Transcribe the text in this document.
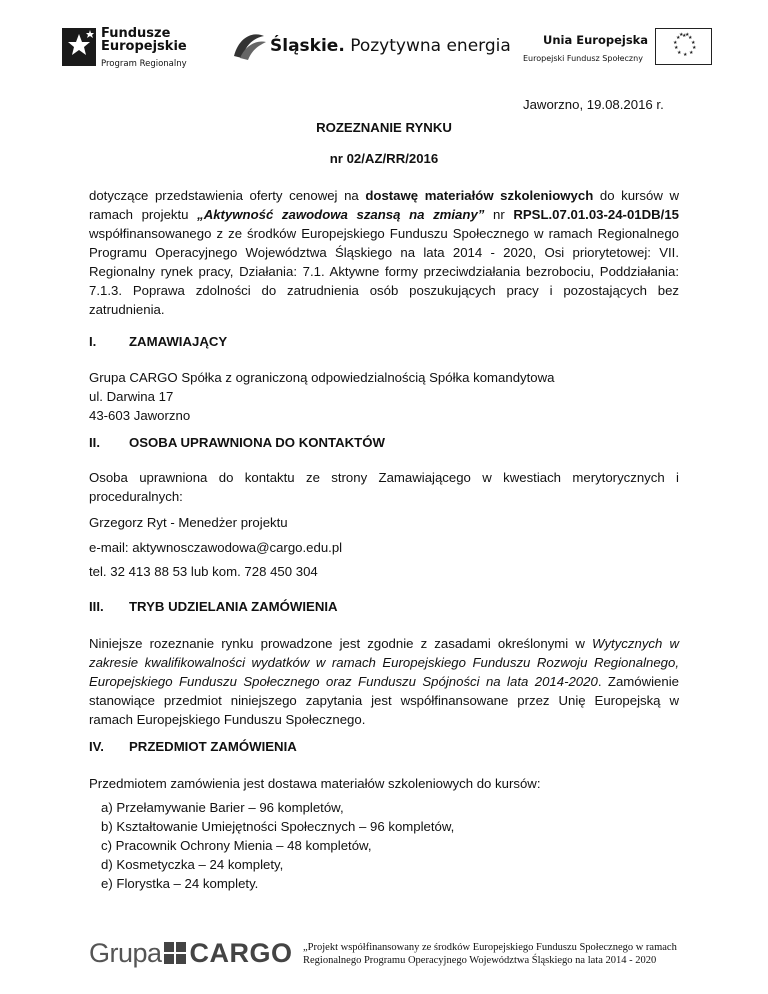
Fundusze
Europejskie
Program Regionalny
Śląskie. Pozytywna energia	Unia Europejska
Europejski Fundusz Społeczny
★ ★
★
★
★
★
★
★
★
★ ★
★
Jaworzno, 19.08.2016 r.
ROZEZNANIE RYNKU
nr 02/AZ/RR/2016
dotyczące przedstawienia oferty cenowej na dostawę materiałów szkoleniowych do kursów w ramach projektu „Aktywność zawodowa szansą na zmiany” nr RPSL.07.01.03-24-01DB/15 współfinansowanego z ze środków Europejskiego Funduszu Społecznego w ramach Regionalnego Programu Operacyjnego Województwa Śląskiego na lata 2014 - 2020, Osi priorytetowej: VII. Regionalny rynek pracy, Działania: 7.1. Aktywne formy przeciwdziałania bezrobociu, Poddziałania: 7.1.3. Poprawa zdolności do zatrudnienia osób poszukujących pracy i pozostających bez zatrudnienia.
I. ZAMAWIAJĄCY
Grupa CARGO Spółka z ograniczoną odpowiedzialnością Spółka komandytowa
ul. Darwina 17
43-603 Jaworzno
II. OSOBA UPRAWNIONA DO KONTAKTÓW
Osoba uprawniona do kontaktu ze strony Zamawiającego w kwestiach merytorycznych i proceduralnych:
Grzegorz Ryt - Menedżer projektu
e-mail: aktywnosczawodowa@cargo.edu.pl
tel. 32 413 88 53 lub kom. 728 450 304
III. TRYB UDZIELANIA ZAMÓWIENIA
Niniejsze rozeznanie rynku prowadzone jest zgodnie z zasadami określonymi w Wytycznych w zakresie kwalifikowalności wydatków w ramach Europejskiego Funduszu Rozwoju Regionalnego, Europejskiego Funduszu Społecznego oraz Funduszu Spójności na lata 2014-2020. Zamówienie stanowiące przedmiot niniejszego zapytania jest współfinansowane przez Unię Europejską w ramach Europejskiego Funduszu Społecznego.
IV. PRZEDMIOT ZAMÓWIENIA
Przedmiotem zamówienia jest dostawa materiałów szkoleniowych do kursów:
a) Przełamywanie Barier – 96 kompletów,
b) Kształtowanie Umiejętności Społecznych – 96 kompletów,
c) Pracownik Ochrony Mienia – 48 kompletów,
d) Kosmetyczka – 24 komplety,
e) Florystka – 24 komplety.
Grupa CARGO „Projekt współfinansowany ze środków Europejskiego Funduszu Społecznego w ramach Regionalnego Programu Operacyjnego Województwa Śląskiego na lata 2014 - 2020
